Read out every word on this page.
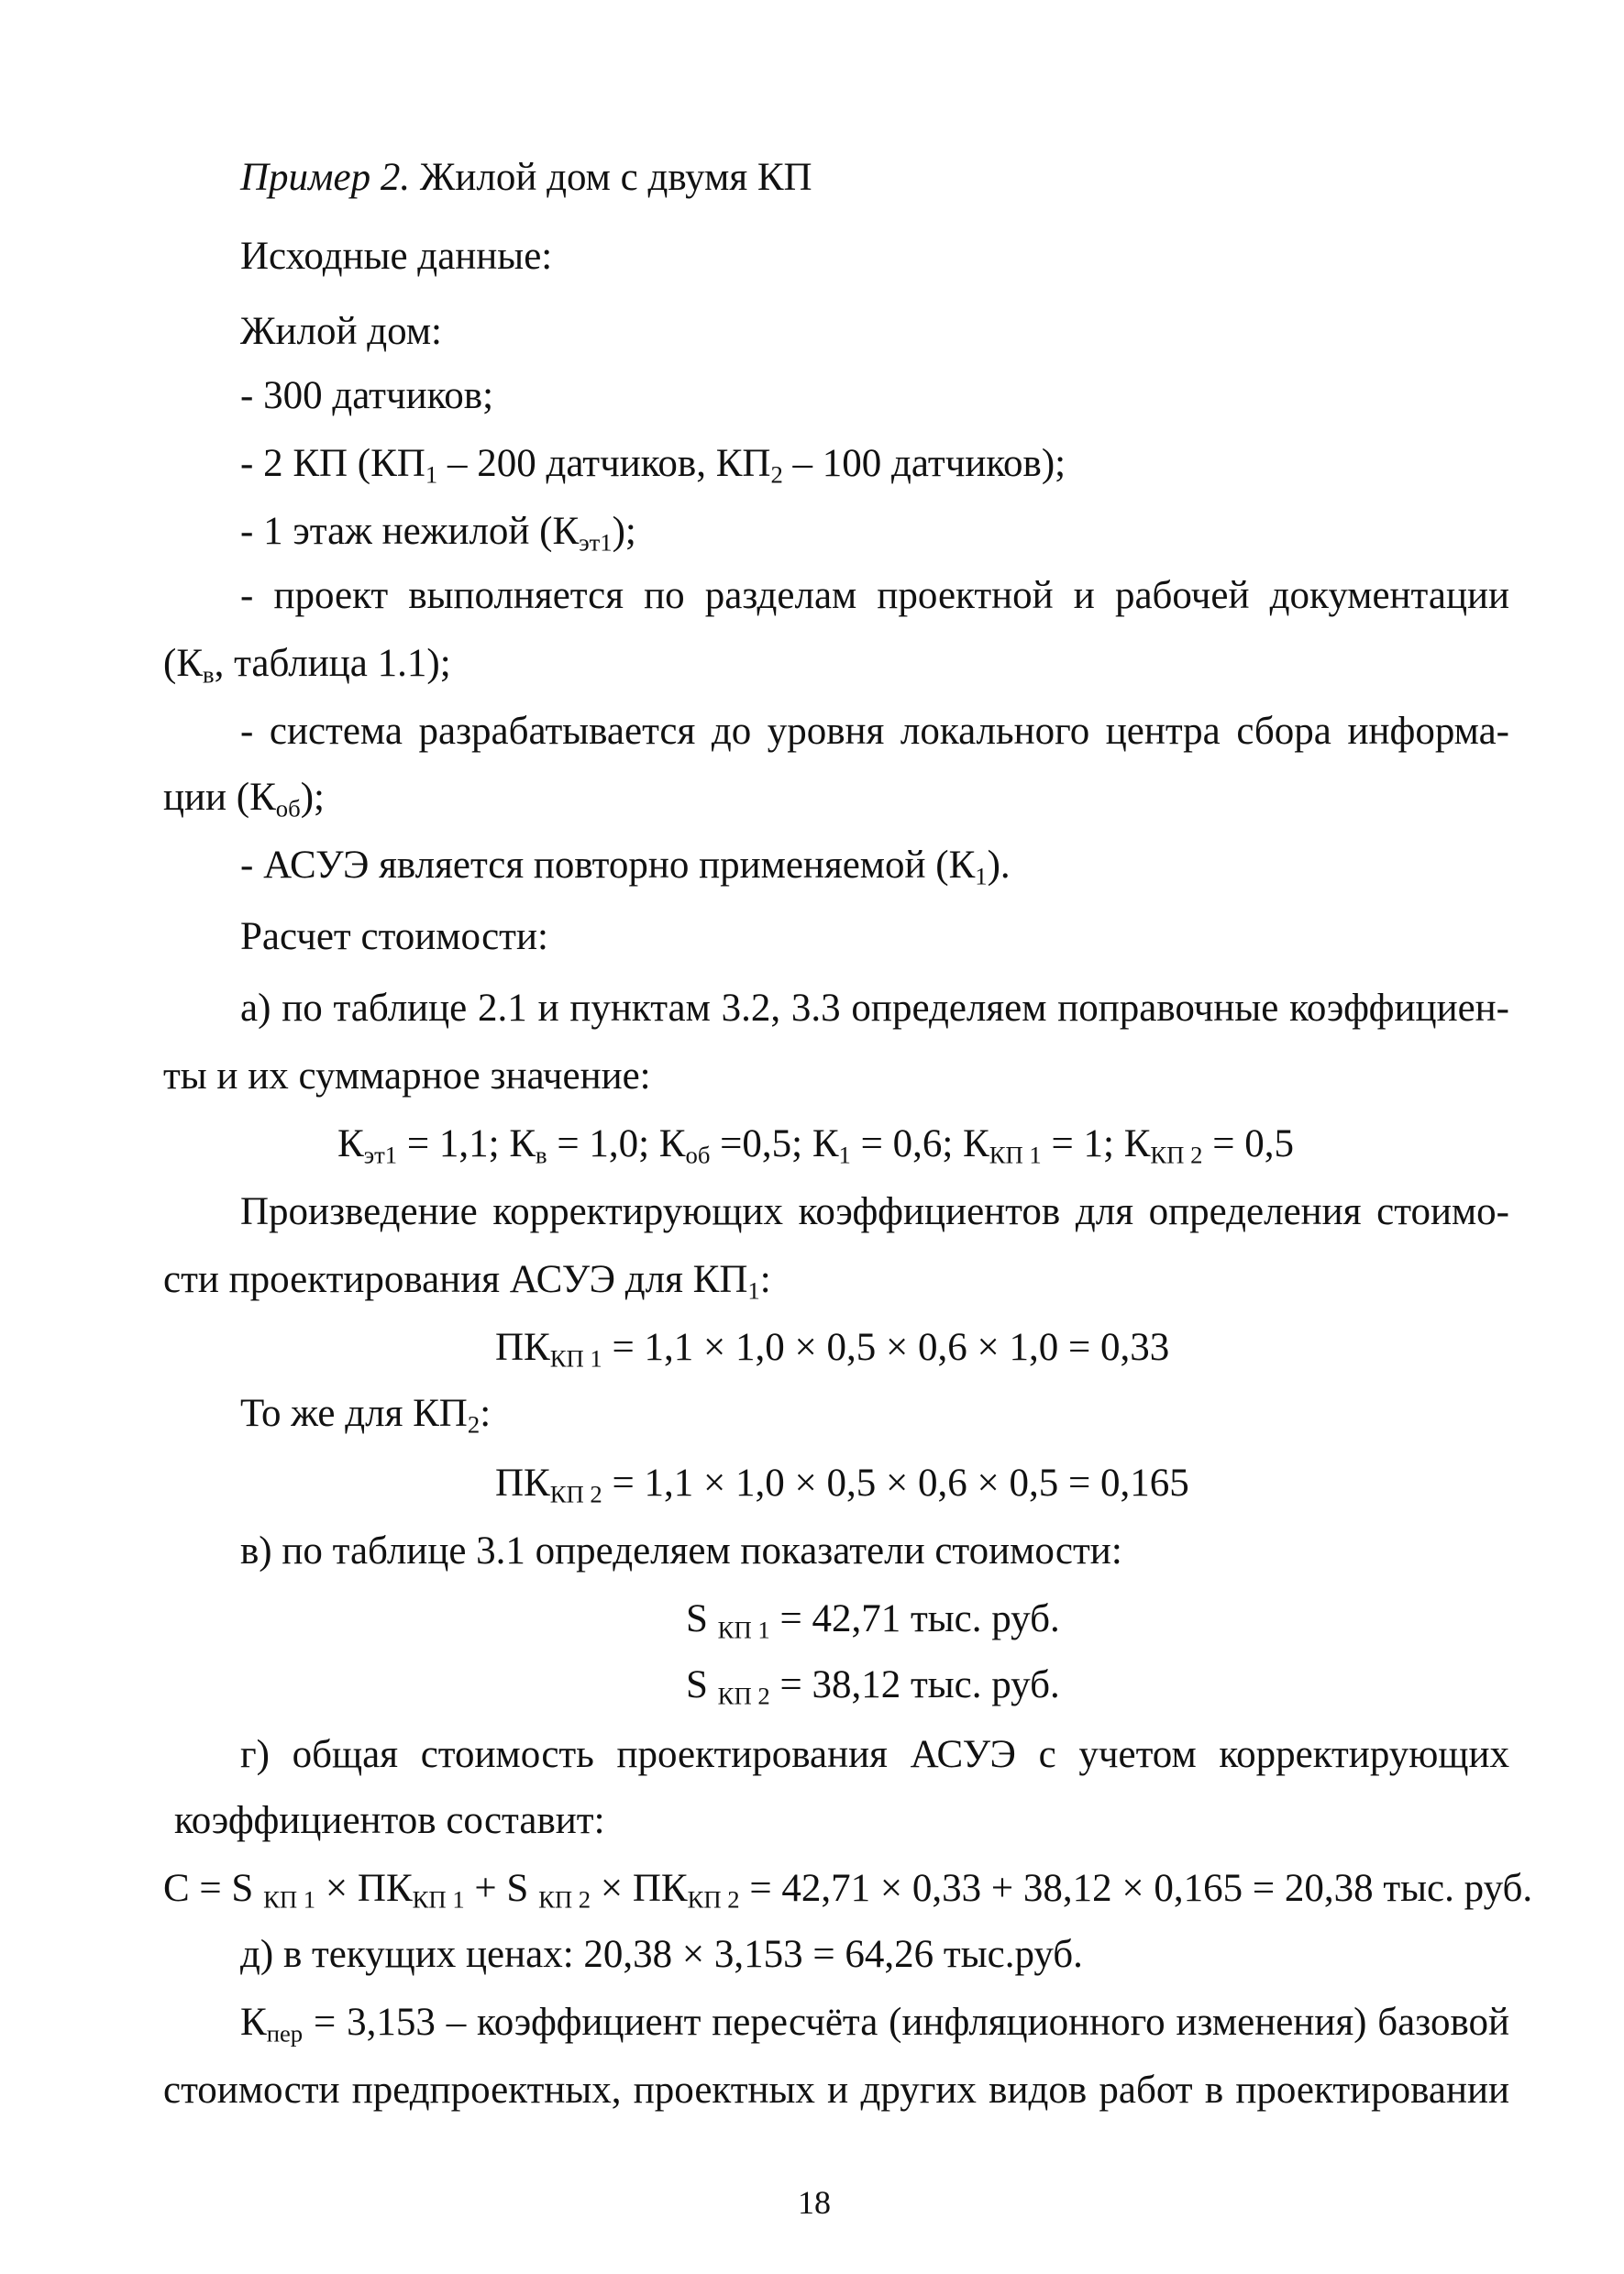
Пример 2. Жилой дом с двумя КП
Исходные данные:
Жилой дом:
- 300 датчиков;
- 2 КП ($КП_1 - 200$ датчиков, $КП_2 - 100$ датчиков);
- 1 этаж нежилой $(К_{эт1})$;
- проект выполняется по разделам проектной и рабочей документации
($К_в$, таблица 1.1);
- система разрабатывается до уровня локального центра сбора информа-
ции $(К_{об})$;
- АСУЭ является повторно применяемой $(К_1)$.
Расчет стоимости:
а) по таблице 2.1 и пунктам 3.2, 3.3 определяем поправочные коэффициен-
ты и их суммарное значение:
$К_{эт1} = 1,1$; $К_в = 1,0$; $К_{об} =0,5$; $К_1 = 0,6$; $К_{КП 1} = 1$; $К_{КП 2} = 0,5$
Произведение корректирующих коэффициентов для определения стоимо-
сти проектирования АСУЭ для $КП_1$:
$ПК_{КП 1} = 1,1 \times 1,0 \times 0,5 \times 0,6 \times 1,0 = 0,33$
То же для $КП_2$:
$ПК_{КП 2} = 1,1 \times 1,0 \times 0,5 \times 0,6 \times 0,5 = 0,165$
в) по таблице 3.1 определяем показатели стоимости:
S $_{КП 1}$ = 42,71 тыс. руб.
S $_{КП 2}$ = 38,12 тыс. руб.
г) общая стоимость проектирования АСУЭ с учетом корректирующих
коэффициентов составит:
С = S $_{КП 1} \times ПК_{КП 1} + S$ $_{КП 2} \times ПК_{КП 2} = 42,71 \times 0,33 + 38,12 \times 0,165 = 20,38$ тыс. руб.
д) в текущих ценах: 20,38 × 3,153 = 64,26 тыс.руб.
$К_{пер} = 3,153$ – коэффициент пересчёта (инфляционного изменения) базовой
стоимости предпроектных, проектных и других видов работ в проектировании
18
